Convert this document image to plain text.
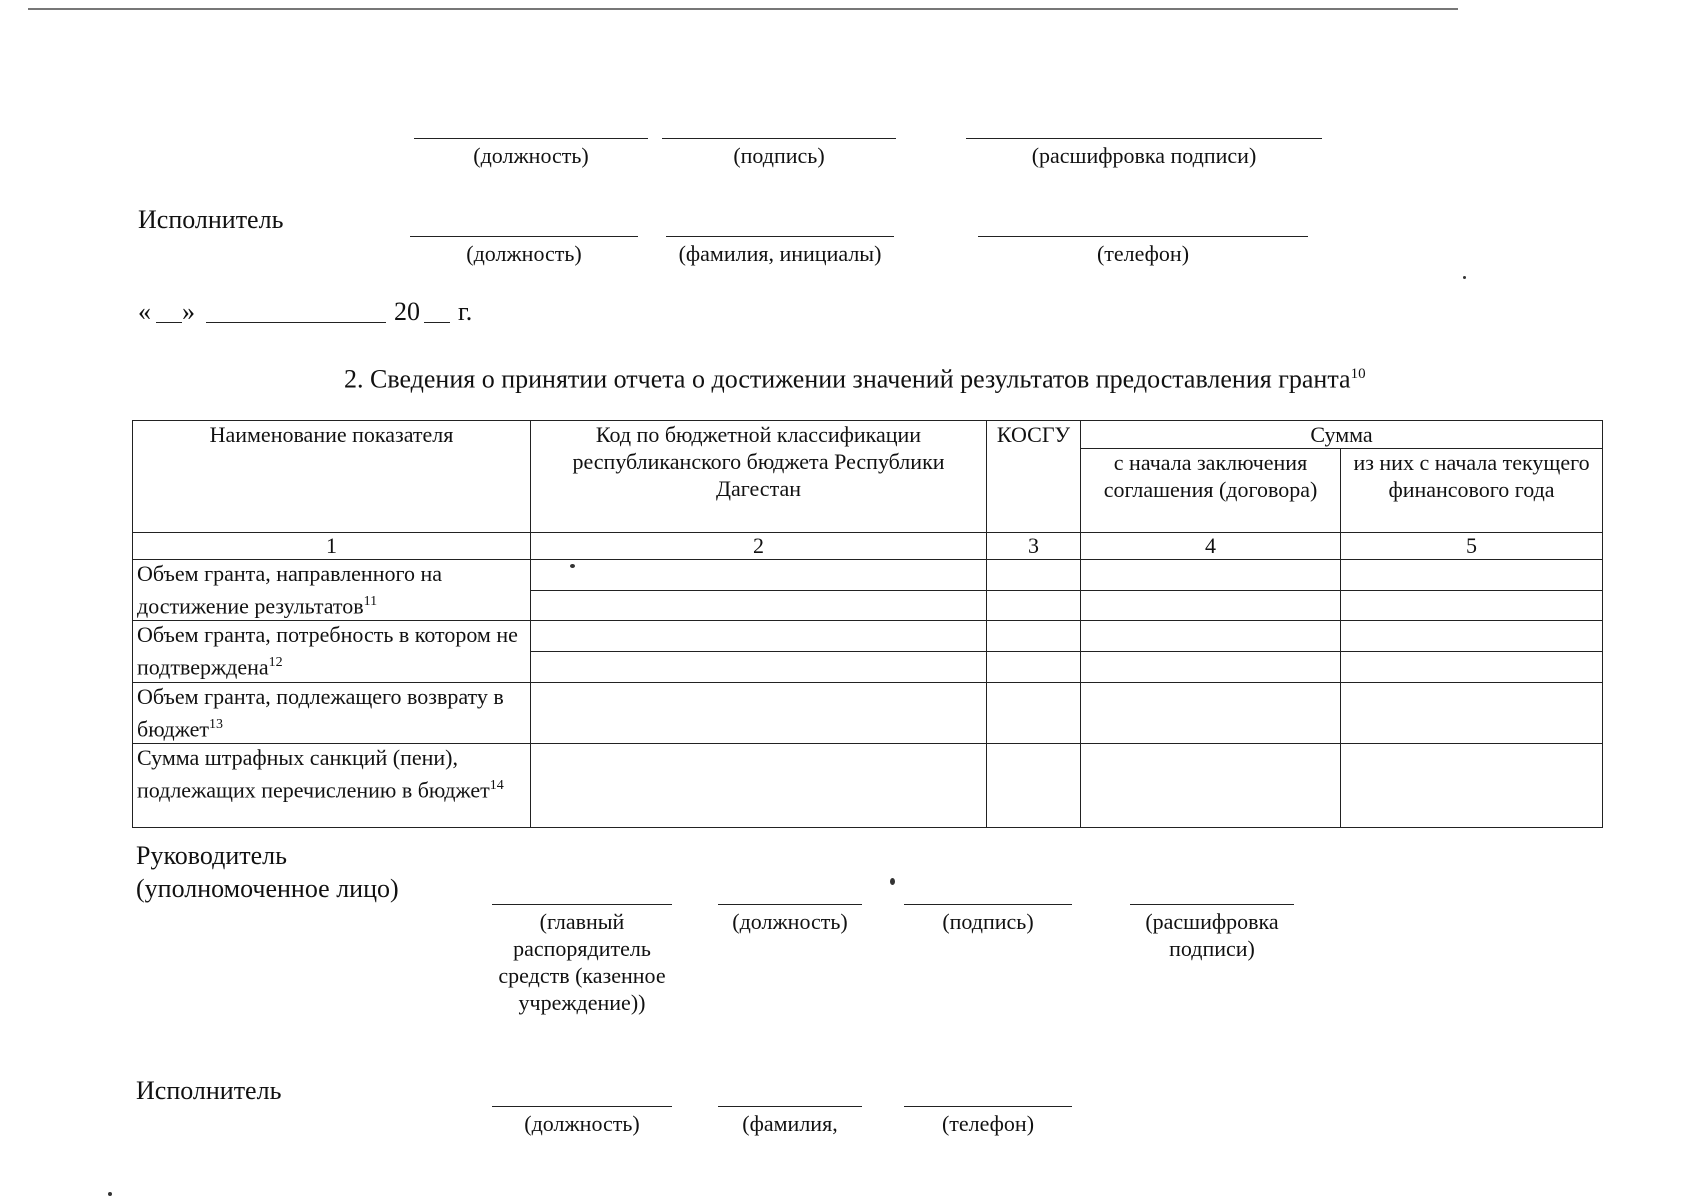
(должность)	(подпись)	(расшифровка подписи)
Исполнитель
(должность)	(фамилия, инициалы)	(телефон)
« »	20 г.
2. Сведения о принятии отчета о достижении значений результатов предоставления гранта$^{10}$
Наименование показателя	Код по бюджетной классификации республиканского бюджета Республики Дагестан	КОСГУ	Сумма	
			с начала заключения соглашения (договора)	из них с начала текущего финансового года
1	2	3	4	5
Объем гранта, направленного на достижение результатов$^{11}$				

Объем гранта, потребность в котором не подтверждена$^{12}$				

Объем гранта, подлежащего возврату в бюджет$^{13}$				
Сумма штрафных санкций (пени), подлежащих перечислению в бюджет$^{14}$				
Руководитель
(уполномоченное лицо)
(главный распорядитель средств (казенное учреждение))
(должность)	(подпись)	(расшифровка подписи)
Исполнитель
(должность)	(фамилия,	(телефон)
